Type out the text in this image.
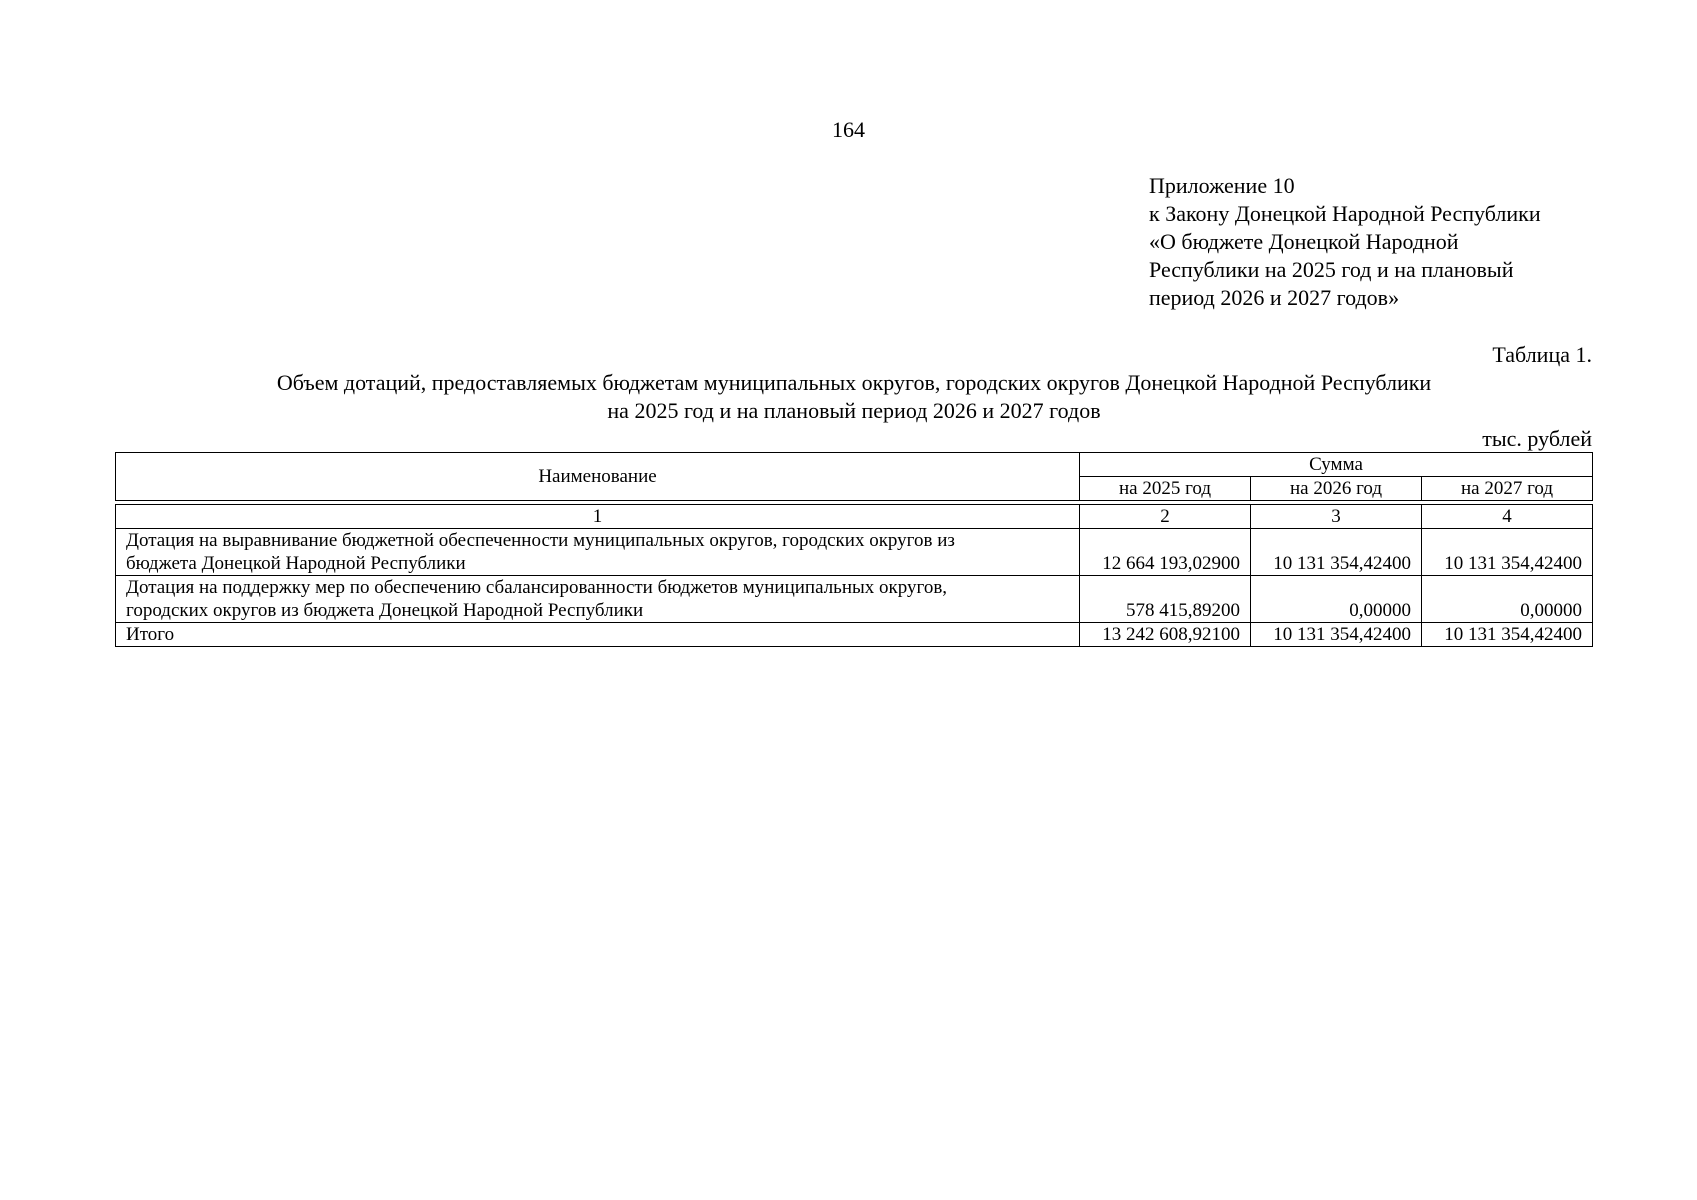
164
Приложение 10
к Закону Донецкой Народной Республики
«О бюджете Донецкой Народной
Республики на 2025 год и на плановый
период 2026 и 2027 годов»
Таблица 1.
Объем дотаций, предоставляемых бюджетам муниципальных округов, городских округов Донецкой Народной Республики
на 2025 год и на плановый период 2026 и 2027 годов
тыс. рублей
Наименование	Сумма		
	на 2025 год	на 2026 год	на 2027 год

1	2	3	4

Дотация на выравнивание бюджетной обеспеченности муниципальных округов, городских округов из
бюджета Донецкой Народной Республики	12 664 193,02900	10 131 354,42400	10 131 354,42400

Дотация на поддержку мер по обеспечению сбалансированности бюджетов муниципальных округов,
городских округов из бюджета Донецкой Народной Республики	578 415,89200	0,00000	0,00000
Итого	13 242 608,92100	10 131 354,42400	10 131 354,42400
